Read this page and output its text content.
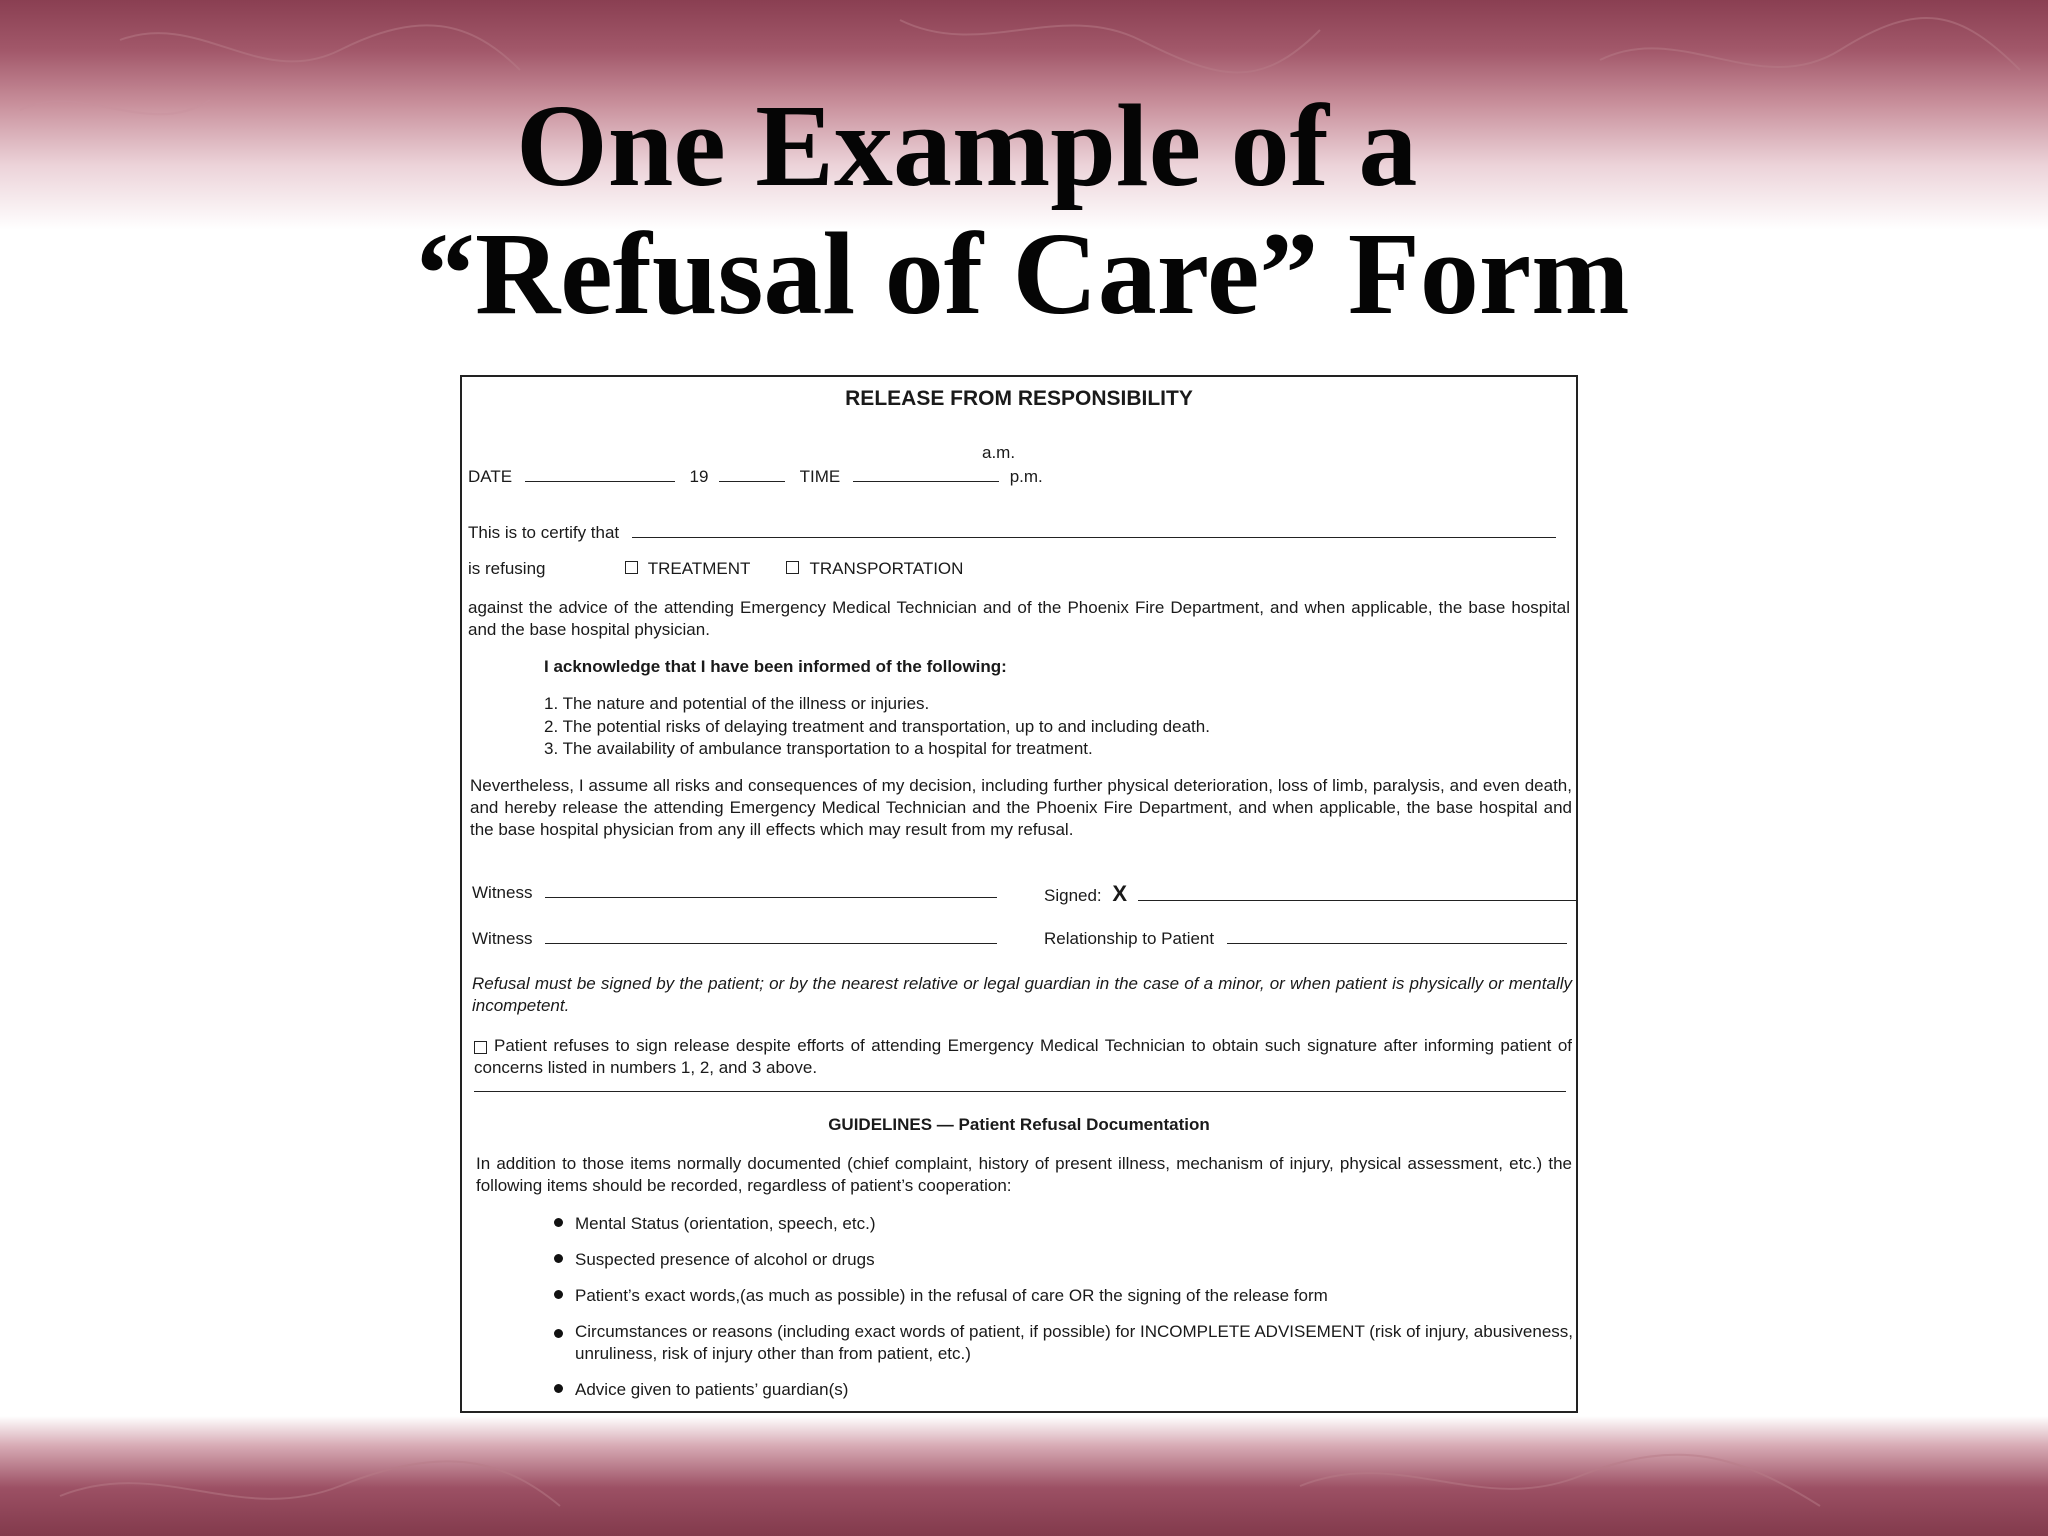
One Example of a
“Refusal of Care” Form
RELEASE FROM RESPONSIBILITY
a.m.
DATE	19	TIME	p.m.
This is to certify that
is refusing	TREATMENT	TRANSPORTATION
against the advice of the attending Emergency Medical Technician and of the Phoenix Fire Department, and when applicable, the base hospital and the base hospital physician.
I acknowledge that I have been informed of the following:
1. The nature and potential of the illness or injuries.
2. The potential risks of delaying treatment and transportation, up to and including death.
3. The availability of ambulance transportation to a hospital for treatment.
Nevertheless, I assume all risks and consequences of my decision, including further physical deterioration, loss of limb, paralysis, and even death, and hereby release the attending Emergency Medical Technician and the Phoenix Fire Department, and when applicable, the base hospital and the base hospital physician from any ill effects which may result from my refusal.
Witness	Signed: X
Witness	Relationship to Patient
Refusal must be signed by the patient; or by the nearest relative or legal guardian in the case of a minor, or when patient is physically or mentally incompetent.
Patient refuses to sign release despite efforts of attending Emergency Medical Technician to obtain such signature after informing patient of concerns listed in numbers 1, 2, and 3 above.
GUIDELINES — Patient Refusal Documentation
In addition to those items normally documented (chief complaint, history of present illness, mechanism of injury, physical assessment, etc.) the following items should be recorded, regardless of patient’s cooperation:
Mental Status (orientation, speech, etc.)
Suspected presence of alcohol or drugs
Patient’s exact words,(as much as possible) in the refusal of care OR the signing of the release form
Circumstances or reasons (including exact words of patient, if possible) for INCOMPLETE ADVISEMENT (risk of injury, abusiveness, unruliness, risk of injury other than from patient, etc.)
Advice given to patients’ guardian(s)
